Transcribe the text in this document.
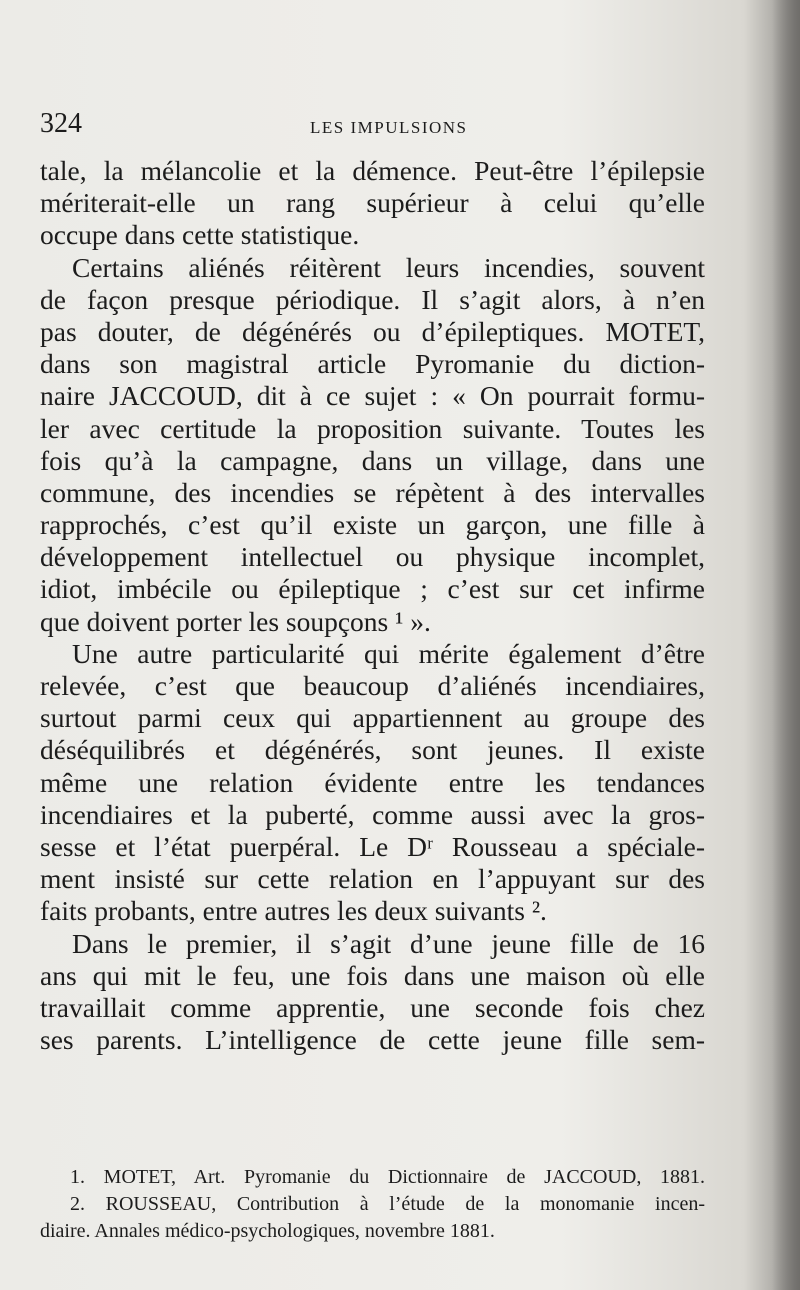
324	LES IMPULSIONS
tale, la mélancolie et la démence. Peut-être l’épilepsie
mériterait-elle un rang supérieur à celui qu’elle
occupe dans cette statistique.
Certains aliénés réitèrent leurs incendies, souvent
de façon presque périodique. Il s’agit alors, à n’en
pas douter, de dégénérés ou d’épileptiques. MOTET,
dans son magistral article Pyromanie du diction-
naire JACCOUD, dit à ce sujet : « On pourrait formu-
ler avec certitude la proposition suivante. Toutes les
fois qu’à la campagne, dans un village, dans une
commune, des incendies se répètent à des intervalles
rapprochés, c’est qu’il existe un garçon, une fille à
développement intellectuel ou physique incomplet,
idiot, imbécile ou épileptique ; c’est sur cet infirme
que doivent porter les soupçons ¹ ».
Une autre particularité qui mérite également d’être
relevée, c’est que beaucoup d’aliénés incendiaires,
surtout parmi ceux qui appartiennent au groupe des
déséquilibrés et dégénérés, sont jeunes. Il existe
même une relation évidente entre les tendances
incendiaires et la puberté, comme aussi avec la gros-
sesse et l’état puerpéral. Le Dʳ Rousseau a spéciale-
ment insisté sur cette relation en l’appuyant sur des
faits probants, entre autres les deux suivants ².
Dans le premier, il s’agit d’une jeune fille de 16
ans qui mit le feu, une fois dans une maison où elle
travaillait comme apprentie, une seconde fois chez
ses parents. L’intelligence de cette jeune fille sem-
1. MOTET, Art. Pyromanie du Dictionnaire de JACCOUD, 1881.
2. ROUSSEAU, Contribution à l’étude de la monomanie incen-
diaire. Annales médico-psychologiques, novembre 1881.
